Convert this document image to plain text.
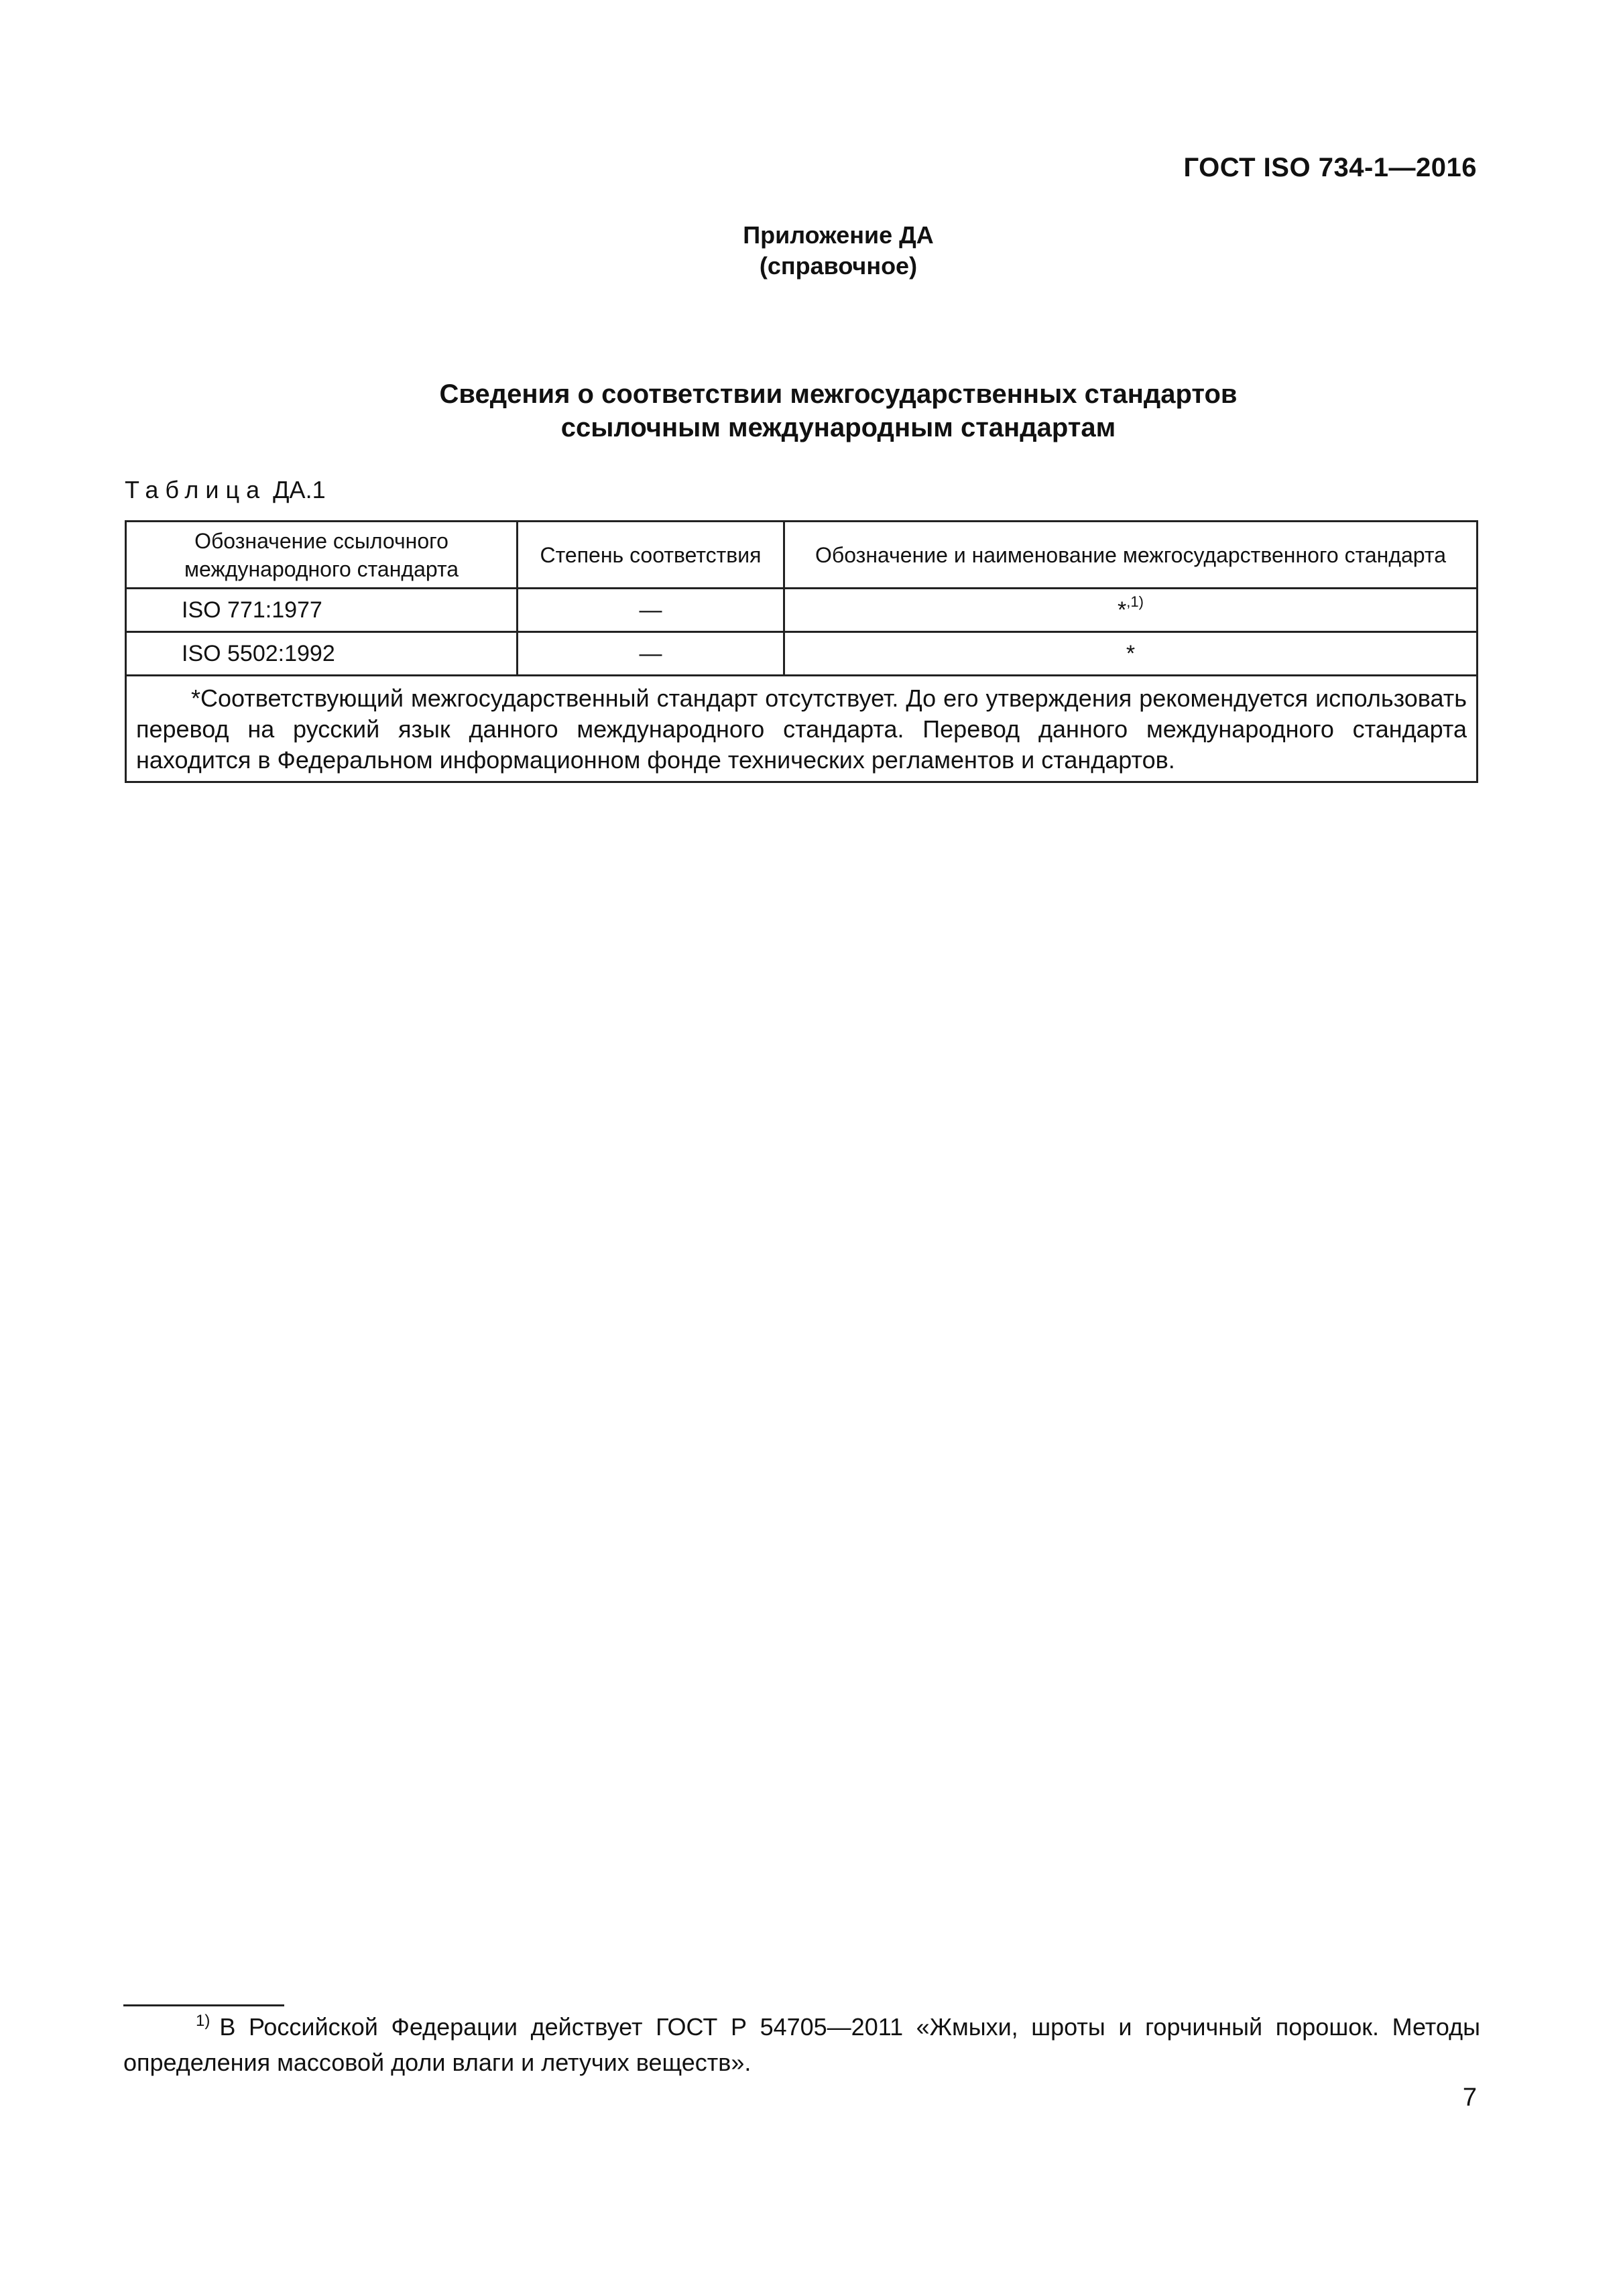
ГОСТ ISO 734-1—2016
Приложение ДА
(справочное)
Сведения о соответствии межгосударственных стандартов
ссылочным международным стандартам
Таблица ДА.1
Обозначение ссылочного международного стандарта	Степень соответствия	Обозначение и наименование межгосударственного стандарта
ISO 771:1977	—	*$^{,1)}$
ISO 5502:1992	—	*

*Соответствующий межгосударственный стандарт отсутствует. До его утверждения рекомендуется использовать перевод на русский язык данного международного стандарта. Перевод данного международного стандарта находится в Федеральном информационном фонде технических регламентов и стандартов.		
$^{1)}$ В Российской Федерации действует ГОСТ Р 54705—2011 «Жмыхи, шроты и горчичный порошок. Методы определения массовой доли влаги и летучих веществ».
7
